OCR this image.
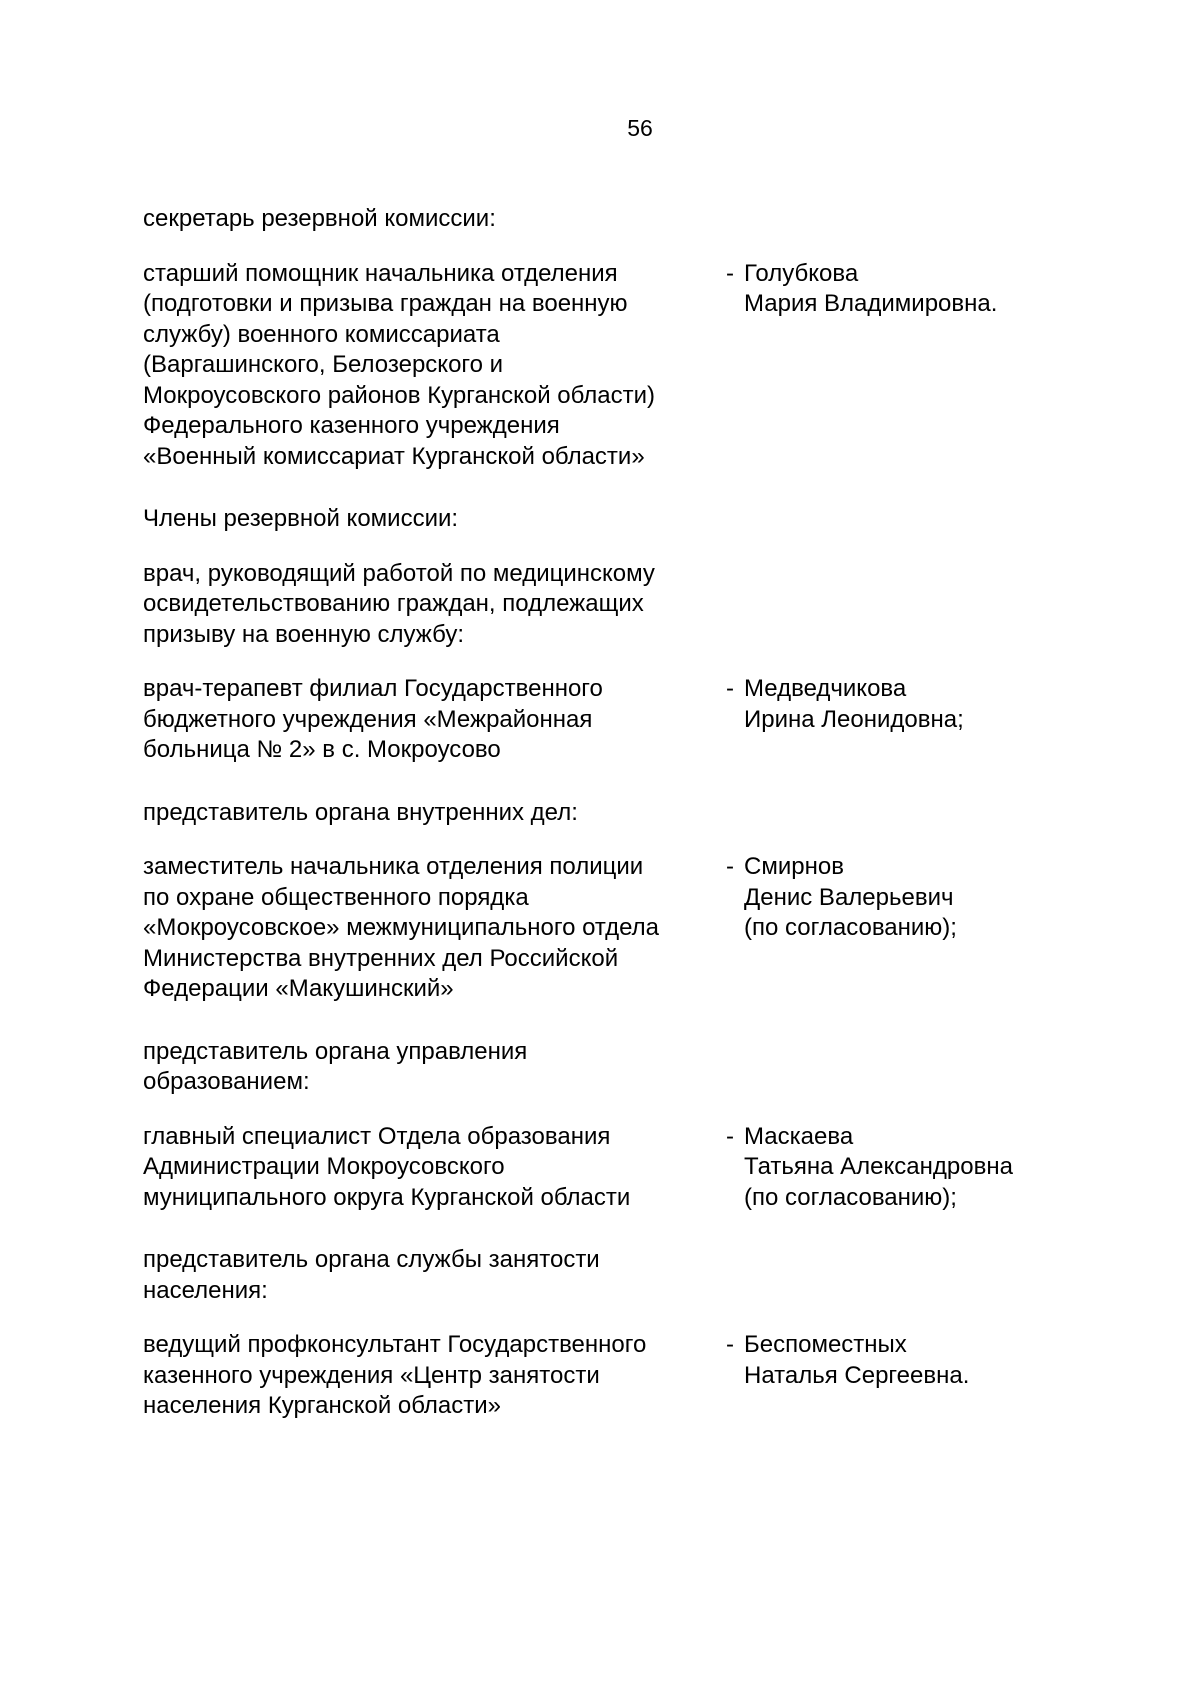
56

секретарь резервной комиссии:

старший помощник начальника отделения
(подготовки и призыва граждан на военную
службу) военного комиссариата
(Варгашинского, Белозерского и
Мокроусовского районов Курганской области)
Федерального казенного учреждения
«Военный комиссариат Курганской области»
- Голубкова
Мария Владимировна.

Члены резервной комиссии:

врач, руководящий работой по медицинскому
освидетельствованию граждан, подлежащих
призыву на военную службу:

врач-терапевт филиал Государственного
бюджетного учреждения «Межрайонная
больница № 2» в с. Мокроусово
- Медведчикова
Ирина Леонидовна;

представитель органа внутренних дел:

заместитель начальника отделения полиции
по охране общественного порядка
«Мокроусовское» межмуниципального отдела
Министерства внутренних дел Российской
Федерации «Макушинский»
- Смирнов
Денис Валерьевич
(по согласованию);

представитель органа управления
образованием:

главный специалист Отдела образования
Администрации Мокроусовского
муниципального округа Курганской области
- Маскаева
Татьяна Александровна
(по согласованию);

представитель органа службы занятости
населения:

ведущий профконсультант Государственного
казенного учреждения «Центр занятости
населения Курганской области»
- Беспоместных
Наталья Сергеевна.
